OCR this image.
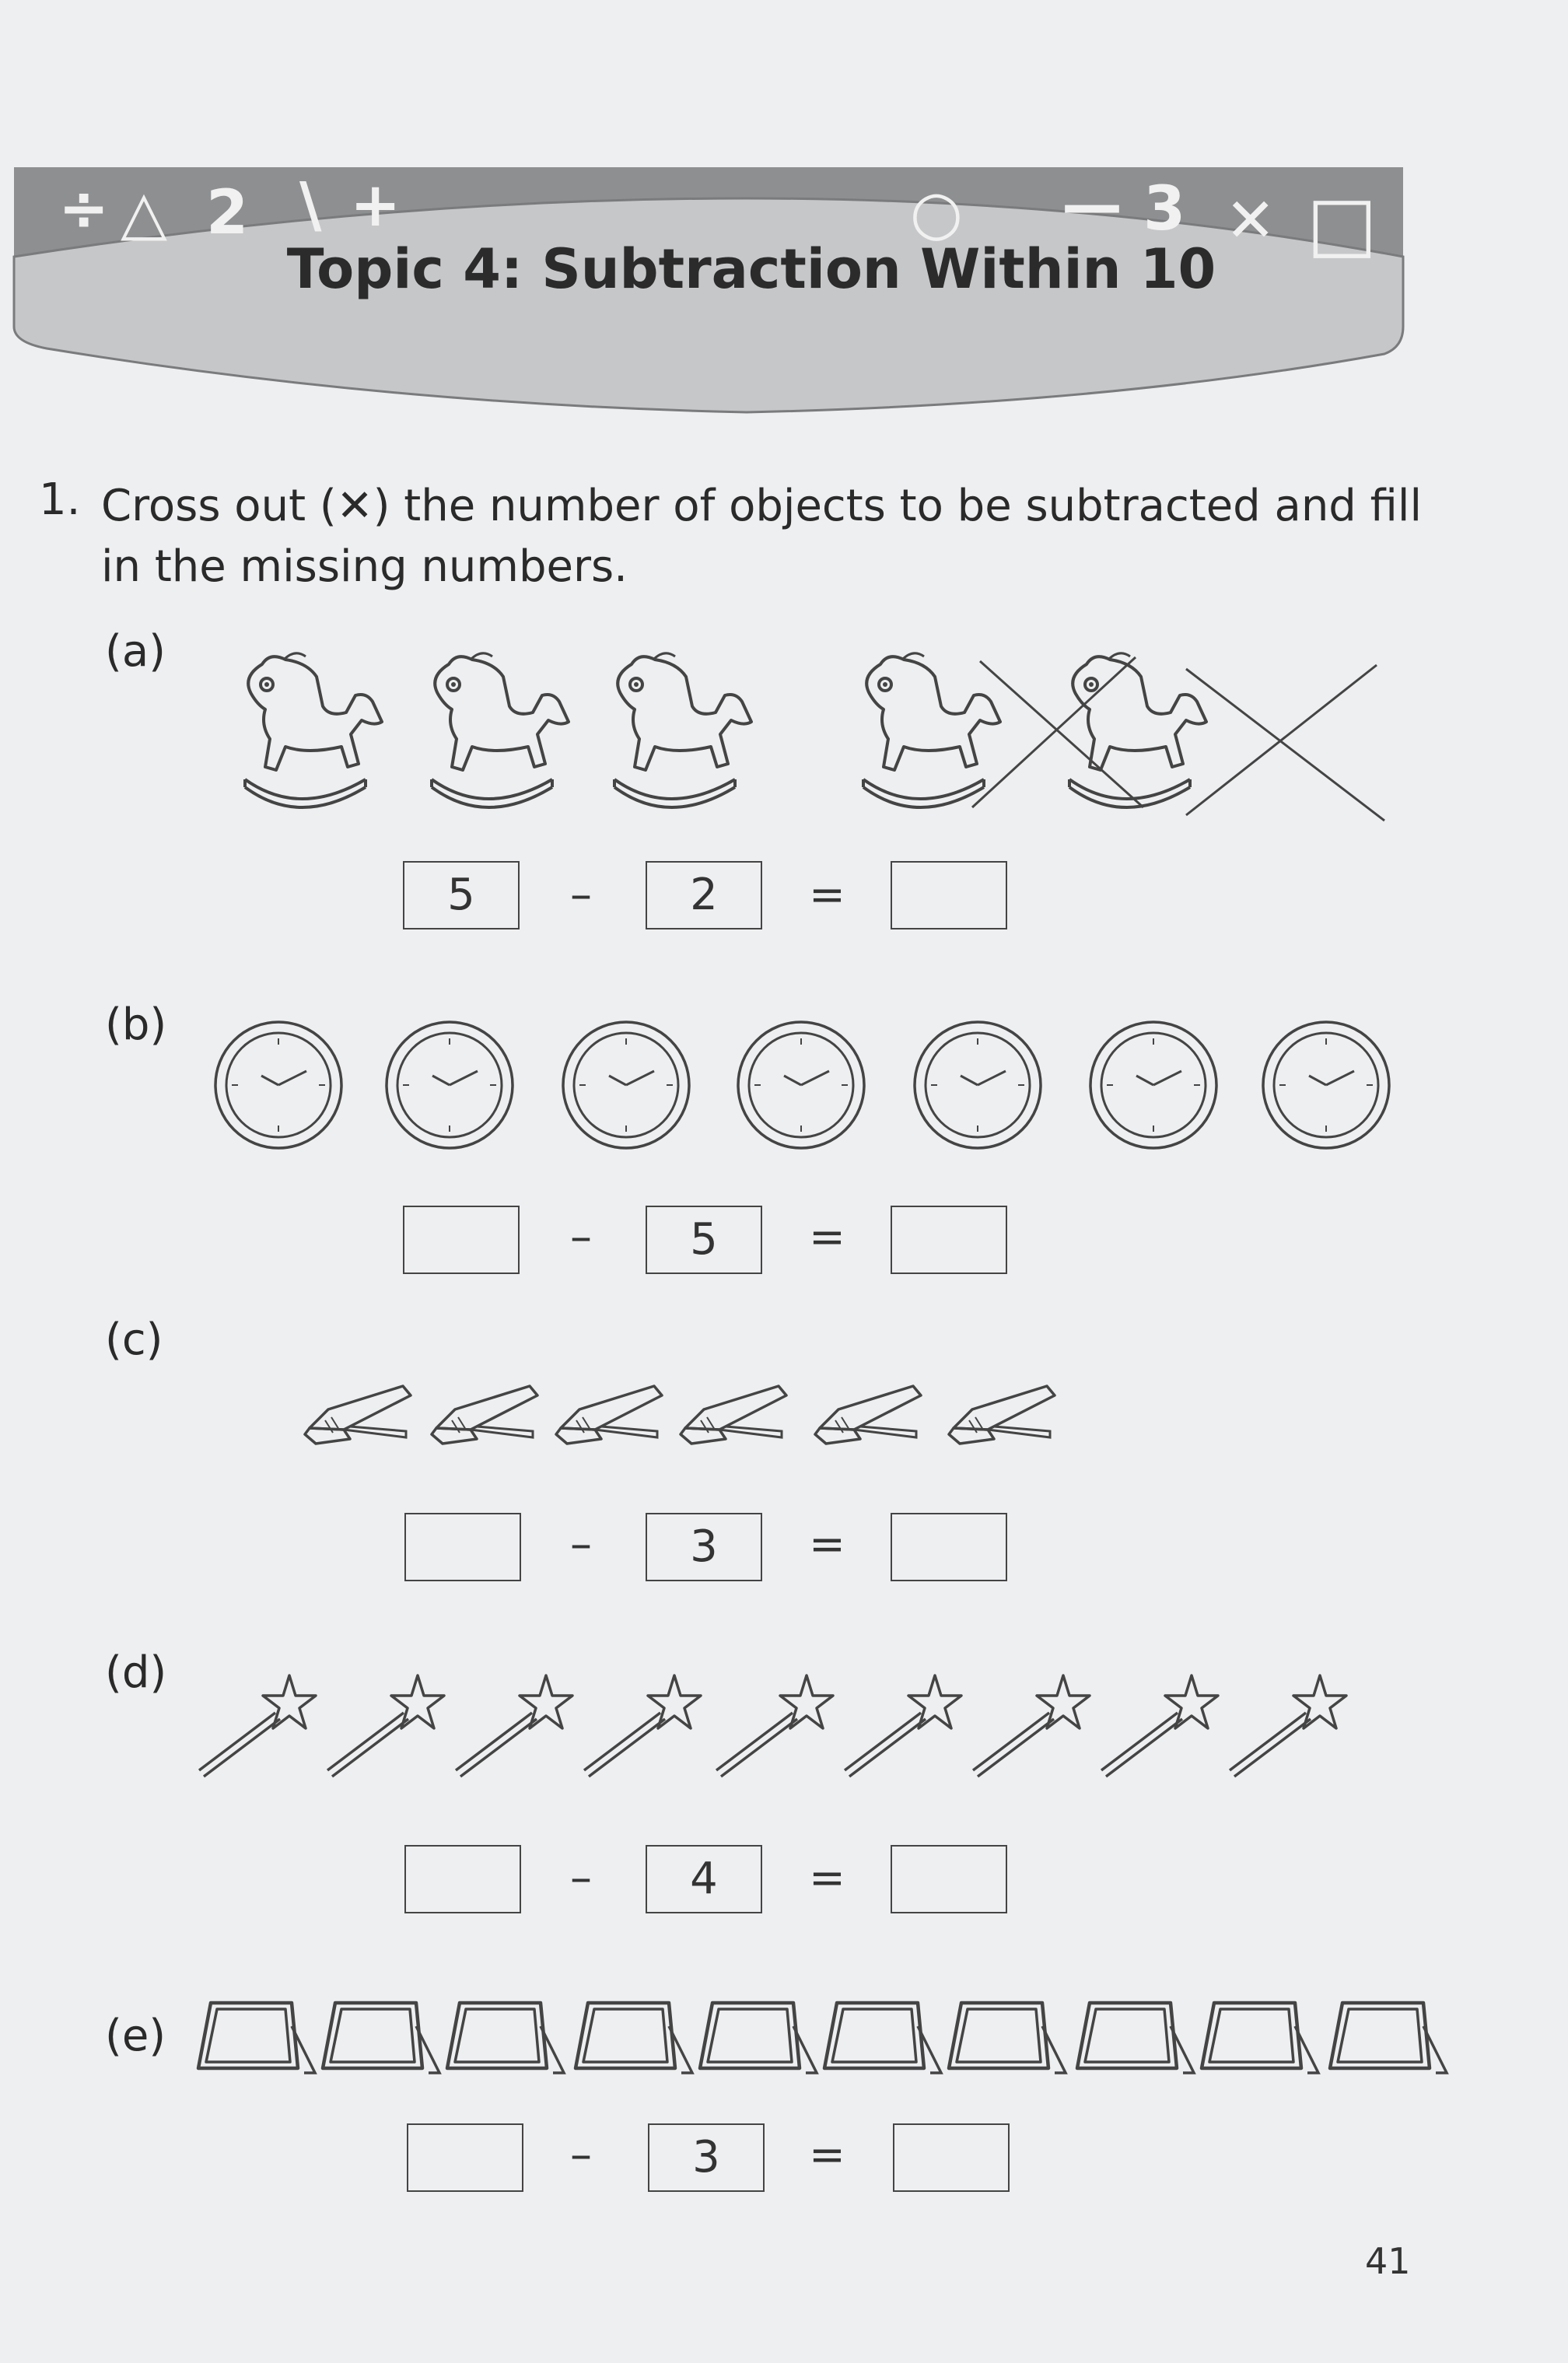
÷ △ 2 \ +	○ — 3 ✕ □
Topic 4: Subtraction Within 10
1. Cross out (✕) the number of objects to be subtracted and fill in the missing numbers.
(a)
(b)
(c)
(d)
(e)
5	–	2	=
–	5	=
–	3	=
–	4	=
–	3	=
41
